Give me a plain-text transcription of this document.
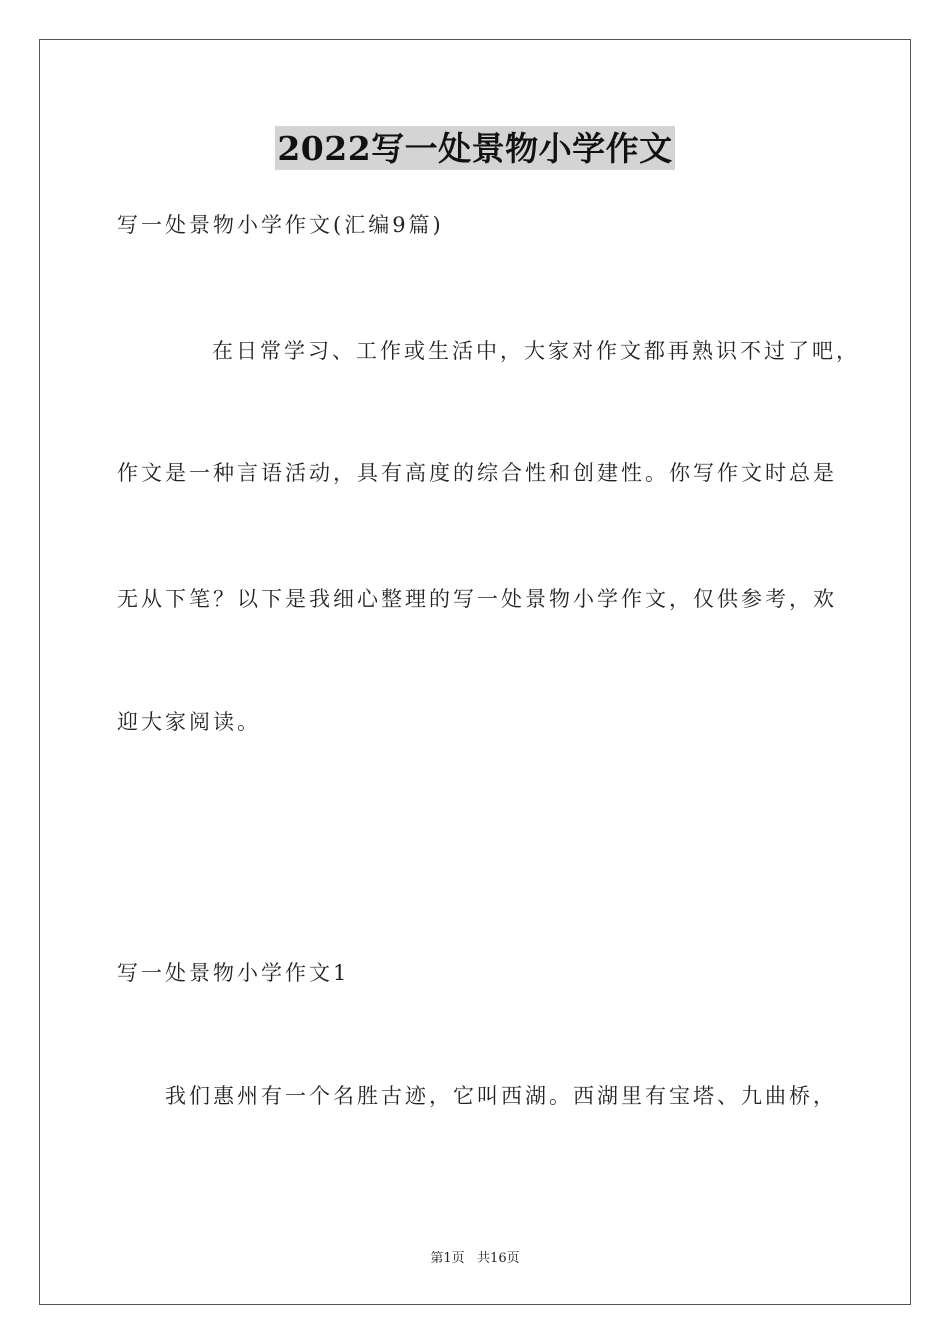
2022写一处景物小学作文
写一处景物小学作文(汇编9篇)
在日常学习、工作或生活中，大家对作文都再熟识不过了吧，
作文是一种言语活动，具有高度的综合性和创建性。你写作文时总是
无从下笔？以下是我细心整理的写一处景物小学作文，仅供参考，欢
迎大家阅读。
写一处景物小学作文1
我们惠州有一个名胜古迹，它叫西湖。西湖里有宝塔、九曲桥，
第1页   共16页
